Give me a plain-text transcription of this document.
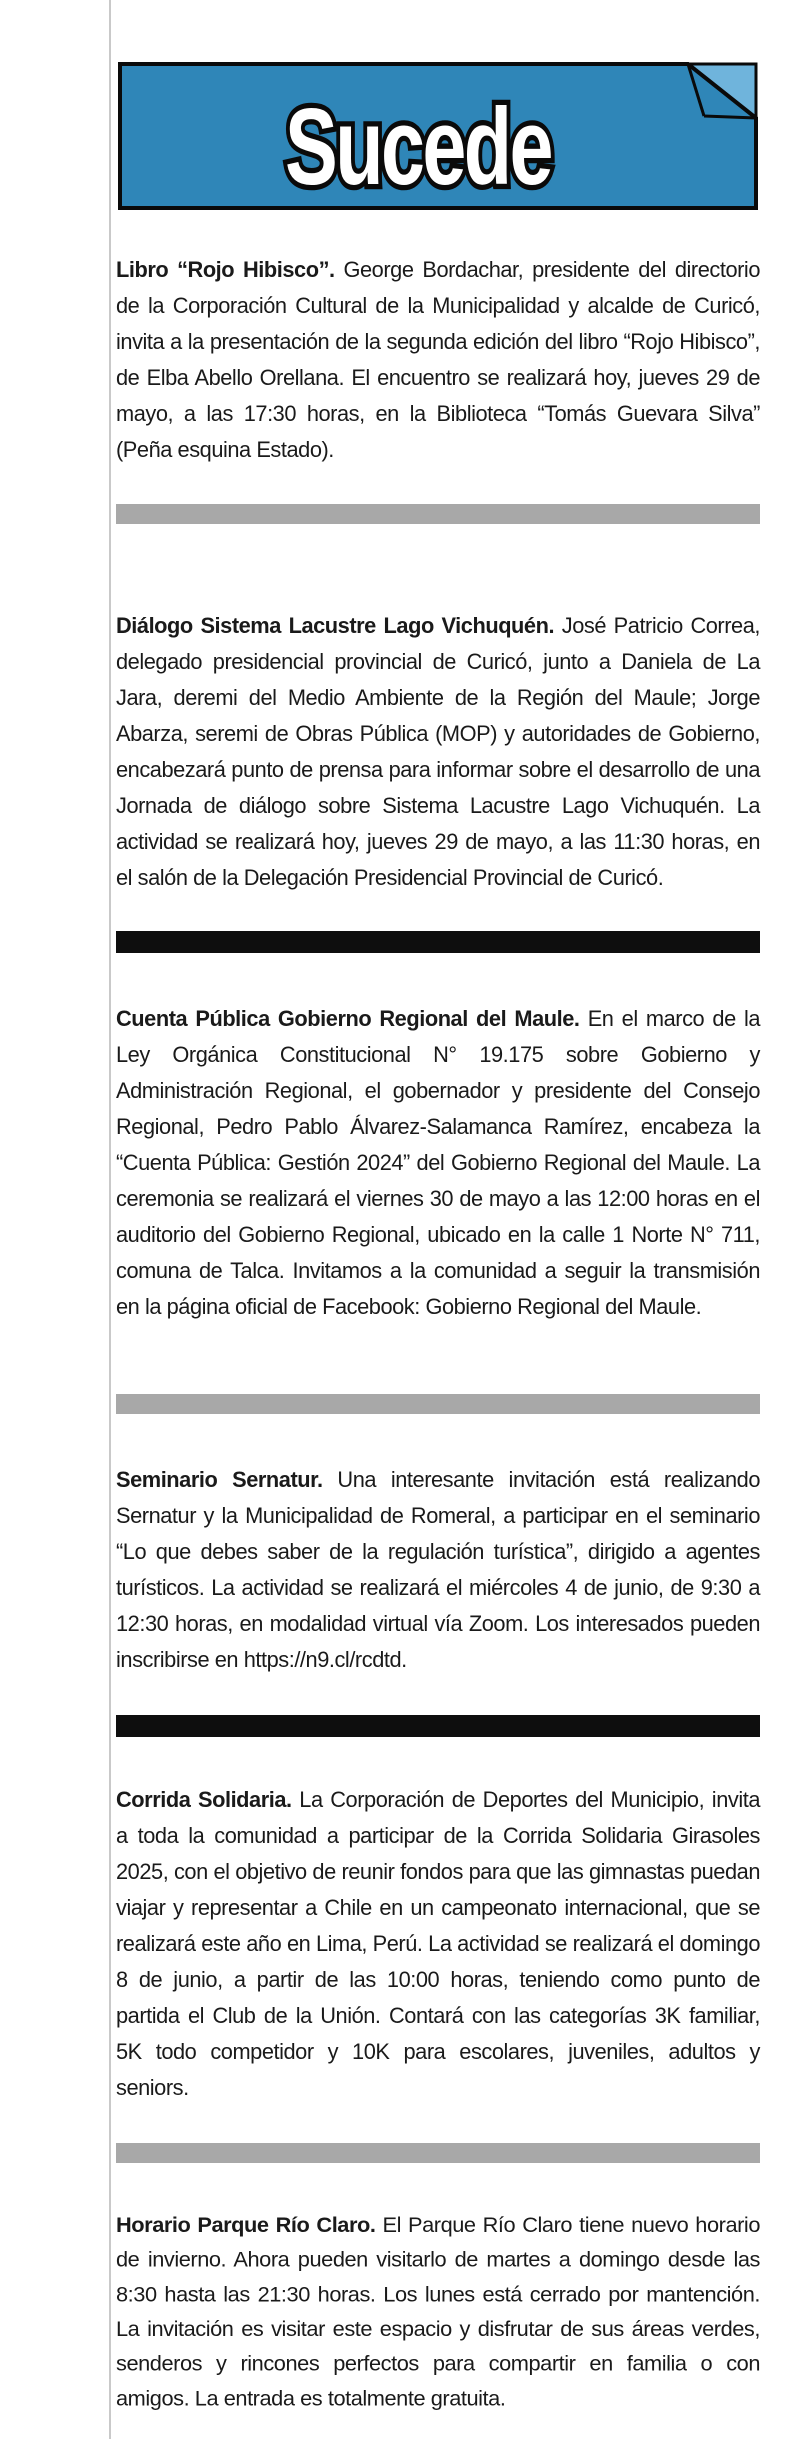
Sucede
Libro “Rojo Hibisco”. George Bordachar, presidente del directorio de la Corporación Cultural de la Municipalidad y alcalde de Curicó, invita a la presentación de la segunda edición del libro “Rojo Hibisco”, de Elba Abello Orellana. El encuentro se realizará hoy, jueves 29 de mayo, a las 17:30 horas, en la Biblioteca “Tomás Guevara Silva” (Peña esquina Estado).
Diálogo Sistema Lacustre Lago Vichuquén. José Patricio Correa, delegado presidencial provincial de Curicó, junto a Daniela de La Jara, deremi del Medio Ambiente de la Región del Maule; Jorge Abarza, seremi de Obras Pública (MOP) y autoridades de Gobierno, encabezará punto de prensa para informar sobre el desarrollo de una Jornada de diálogo sobre Sistema Lacustre Lago Vichuquén. La actividad se realizará hoy, jueves 29 de mayo, a las 11:30 horas, en el salón de la Delegación Presidencial Provincial de Curicó.
Cuenta Pública Gobierno Regional del Maule. En el marco de la Ley Orgánica Constitucional N° 19.175 sobre Gobierno y Administración Regional, el gobernador y presidente del Consejo Regional, Pedro Pablo Álvarez-Salamanca Ramírez, encabeza la “Cuenta Pública: Gestión 2024” del Gobierno Regional del Maule. La ceremonia se realizará el viernes 30 de mayo a las 12:00 horas en el auditorio del Gobierno Regional, ubicado en la calle 1 Norte N° 711, comuna de Talca. Invitamos a la comunidad a seguir la transmisión en la página oficial de Facebook: Gobierno Regional del Maule.
Seminario Sernatur. Una interesante invitación está realizando Sernatur y la Municipalidad de Romeral, a participar en el seminario “Lo que debes saber de la regulación turística”, dirigido a agentes turísticos. La actividad se realizará el miércoles 4 de junio, de 9:30 a 12:30 horas, en modalidad virtual vía Zoom. Los interesados pueden inscribirse en https://n9.cl/rcdtd.
Corrida Solidaria. La Corporación de Deportes del Municipio, invita a toda la comunidad a participar de la Corrida Solidaria Girasoles 2025, con el objetivo de reunir fondos para que las gimnastas puedan viajar y representar a Chile en un campeonato internacional, que se realizará este año en Lima, Perú. La actividad se realizará el domingo 8 de junio, a partir de las 10:00 horas, teniendo como punto de partida el Club de la Unión. Contará con las categorías 3K familiar, 5K todo competidor y 10K para escolares, juveniles, adultos y seniors.
Horario Parque Río Claro. El Parque Río Claro tiene nuevo horario de invierno. Ahora pueden visitarlo de martes a domingo desde las 8:30 hasta las 21:30 horas. Los lunes está cerrado por mantención. La invitación es visitar este espacio y disfrutar de sus áreas verdes, senderos y rincones perfectos para compartir en familia o con amigos. La entrada es totalmente gratuita.
